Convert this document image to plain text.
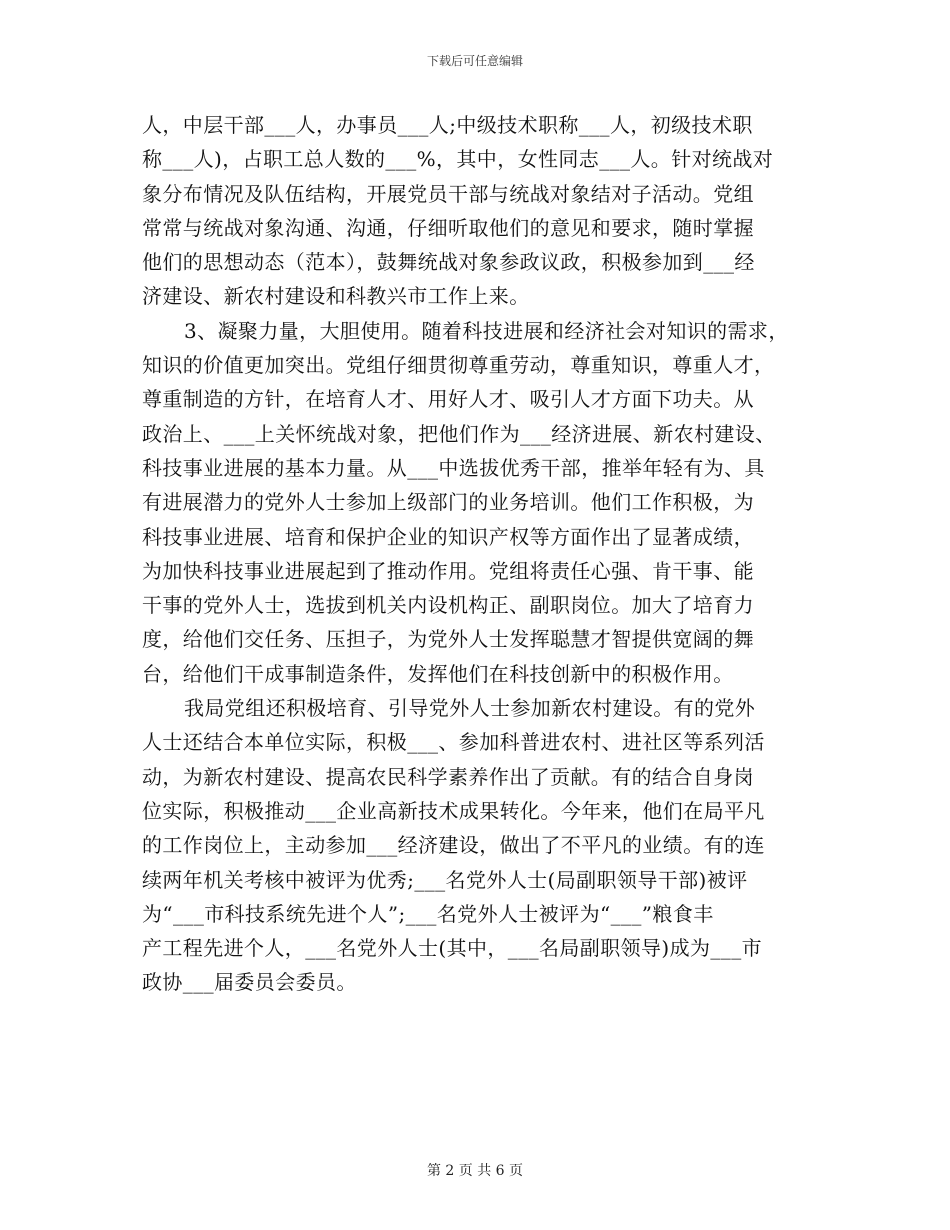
下载后可任意编辑
人，中层干部___人，办事员___人;中级技术职称___人，初级技术职
称___人)，占职工总人数的___%，其中，女性同志___人。针对统战对
象分布情况及队伍结构，开展党员干部与统战对象结对子活动。党组
常常与统战对象沟通、沟通，仔细听取他们的意见和要求，随时掌握
他们的思想动态（范本），鼓舞统战对象参政议政，积极参加到___经
济建设、新农村建设和科教兴市工作上来。
3、凝聚力量，大胆使用。随着科技进展和经济社会对知识的需求，
知识的价值更加突出。党组仔细贯彻尊重劳动，尊重知识，尊重人才，
尊重制造的方针，在培育人才、用好人才、吸引人才方面下功夫。从
政治上、___上关怀统战对象，把他们作为___经济进展、新农村建设、
科技事业进展的基本力量。从___中选拔优秀干部，推举年轻有为、具
有进展潜力的党外人士参加上级部门的业务培训。他们工作积极，为
科技事业进展、培育和保护企业的知识产权等方面作出了显著成绩，
为加快科技事业进展起到了推动作用。党组将责任心强、肯干事、能
干事的党外人士，选拔到机关内设机构正、副职岗位。加大了培育力
度，给他们交任务、压担子，为党外人士发挥聪慧才智提供宽阔的舞
台，给他们干成事制造条件，发挥他们在科技创新中的积极作用。
我局党组还积极培育、引导党外人士参加新农村建设。有的党外
人士还结合本单位实际，积极___、参加科普进农村、进社区等系列活
动，为新农村建设、提高农民科学素养作出了贡献。有的结合自身岗
位实际，积极推动___企业高新技术成果转化。今年来，他们在局平凡
的工作岗位上，主动参加___经济建设，做出了不平凡的业绩。有的连
续两年机关考核中被评为优秀;___名党外人士(局副职领导干部)被评
为“___市科技系统先进个人”;___名党外人士被评为“___”粮食丰
产工程先进个人，___名党外人士(其中，___名局副职领导)成为___市
政协___届委员会委员。
第 2 页 共 6 页
